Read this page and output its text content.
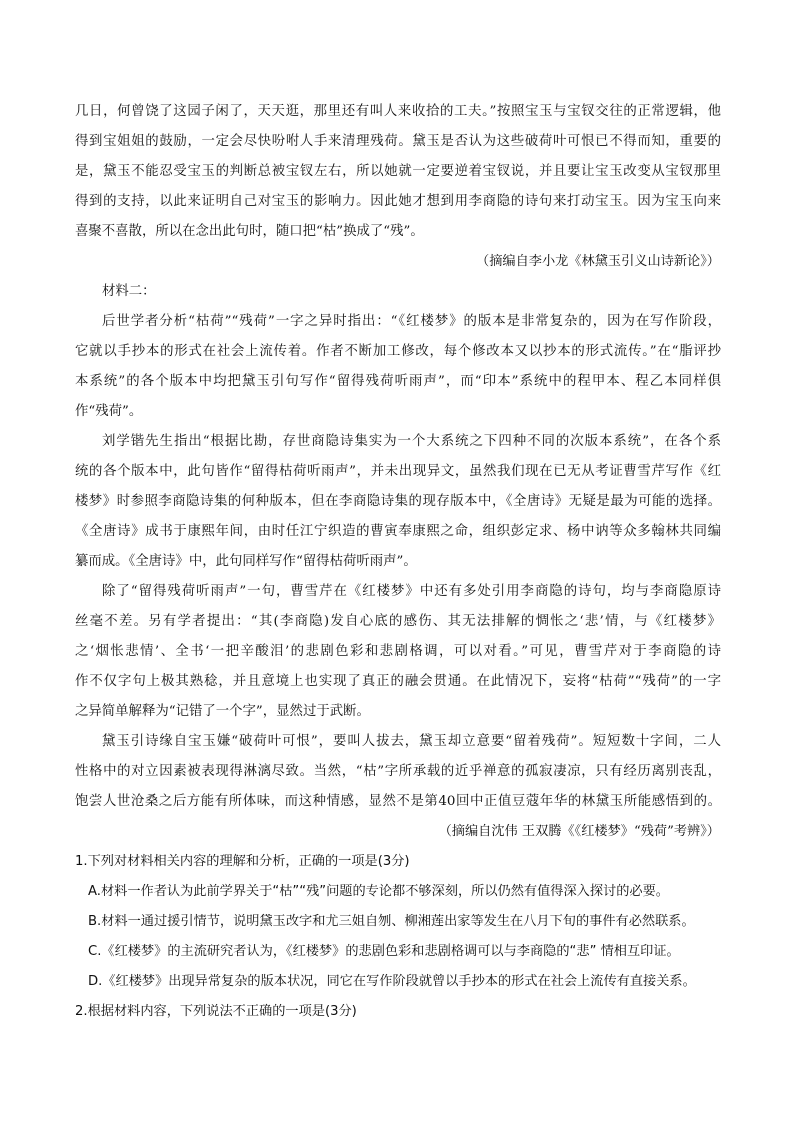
几日，何曾饶了这园子闲了，天天逛，那里还有叫人来收拾的工夫。”按照宝玉与宝钗交往的正常逻辑，他
得到宝姐姐的鼓励，一定会尽快吩咐人手来清理残荷。黛玉是否认为这些破荷叶可恨已不得而知，重要的
是，黛玉不能忍受宝玉的判断总被宝钗左右，所以她就一定要逆着宝钗说，并且要让宝玉改变从宝钗那里
得到的支持，以此来证明自己对宝玉的影响力。因此她才想到用李商隐的诗句来打动宝玉。因为宝玉向来
喜聚不喜散，所以在念出此句时，随口把“枯”换成了“残”。
（摘编自李小龙《林黛玉引义山诗新论》）
材料二：
后世学者分析“枯荷”“残荷”一字之异时指出：“《红楼梦》的版本是非常复杂的，因为在写作阶段，
它就以手抄本的形式在社会上流传着。作者不断加工修改，每个修改本又以抄本的形式流传。”在“脂评抄
本系统”的各个版本中均把黛玉引句写作“留得残荷听雨声”，而“印本”系统中的程甲本、程乙本同样倶
作“残荷”。
刘学锴先生指出“根据比勘，存世商隐诗集实为一个大系统之下四种不同的次版本系统”，在各个系
统的各个版本中，此句皆作“留得枯荷听雨声”，并未出现异文，虽然我们现在已无从考证曹雪芹写作《红
楼梦》时参照李商隐诗集的何种版本，但在李商隐诗集的现存版本中，《全唐诗》无疑是最为可能的选择。
《全唐诗》成书于康熙年间，由时任江宁织造的曹寅奉康熙之命，组织彭定求、杨中讷等众多翰林共同编
纂而成。《全唐诗》中，此句同样写作“留得枯荷听雨声”。
除了“留得残荷听雨声”一句，曹雪芹在《红楼梦》中还有多处引用李商隐的诗句，均与李商隐原诗
丝毫不差。另有学者提出：“其(李商隐)发自心底的感伤、其无法排解的惆怅之‘悲’情，与《红楼梦》
之‘烟怅悲情’、全书‘一把辛酸泪’的悲剧色彩和悲剧格调，可以对看。”可见，曹雪芹对于李商隐的诗
作不仅字句上极其熟稔，并且意境上也实现了真正的融会贯通。在此情况下，妄将“枯荷”“残荷”的一字
之异简单解释为“记错了一个字”，显然过于武断。
黛玉引诗缘自宝玉嫌“破荷叶可恨”，要叫人拔去，黛玉却立意要“留着残荷”。短短数十字间，二人
性格中的对立因素被表现得淋漓尽致。当然，“枯”字所承载的近乎禅意的孤寂凄凉，只有经历离别丧乱，
饱尝人世沧桑之后方能有所体味，而这种情感，显然不是第40回中正值豆蔻年华的林黛玉所能感悟到的。
（摘编自沈伟 王双腾《《红楼梦》“残荷”考辨》）
1.下列对材料相关内容的理解和分析，正确的一项是(3分)
A.材料一作者认为此前学界关于“枯”“残”问题的专论都不够深刻，所以仍然有值得深入探讨的必要。
B.材料一通过援引情节，说明黛玉改字和尤三姐自刎、柳湘莲出家等发生在八月下旬的事件有必然联系。
C.《红楼梦》的主流研究者认为，《红楼梦》的悲剧色彩和悲剧格调可以与李商隐的“悲” 情相互印证。
D.《红楼梦》出现异常复杂的版本状况，同它在写作阶段就曾以手抄本的形式在社会上流传有直接关系。
2.根据材料内容，下列说法不正确的一项是(3分)
